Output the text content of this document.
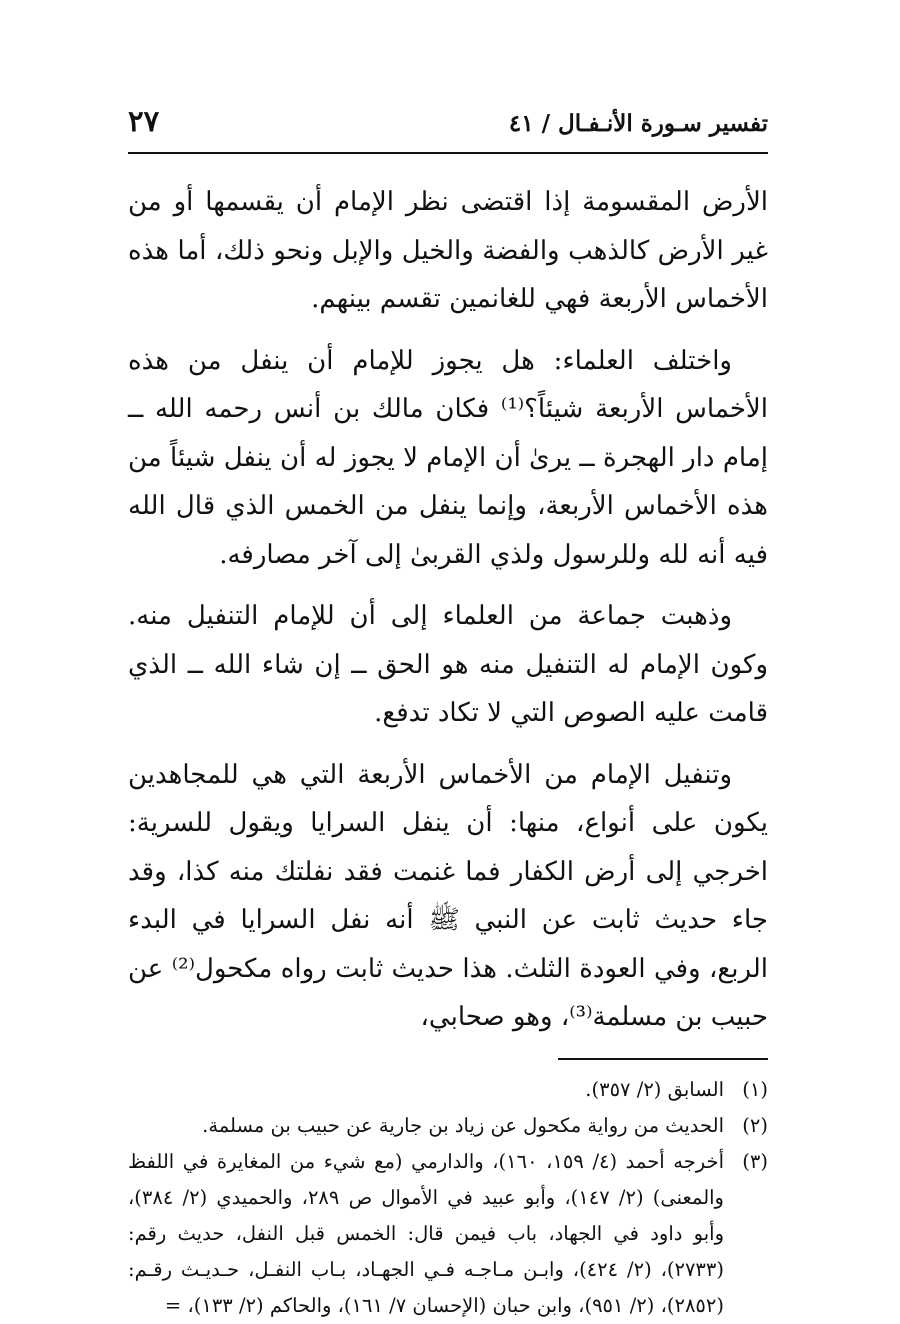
تفسير سـورة الأنـفـال / ٤١
٢٧

الأرض المقسومة إذا اقتضى نظر الإمام أن يقسمها أو من غير الأرض كالذهب والفضة والخيل والإبل ونحو ذلك، أما هذه الأخماس الأربعة فهي للغانمين تقسم بينهم.

واختلف العلماء: هل يجوز للإمام أن ينفل من هذه الأخماس الأربعة شيئاً؟⁽¹⁾ فكان مالك بن أنس رحمه الله ــ إمام دار الهجرة ــ يرىٰ أن الإمام لا يجوز له أن ينفل شيئاً من هذه الأخماس الأربعة، وإنما ينفل من الخمس الذي قال الله فيه أنه لله وللرسول ولذي القربىٰ إلى آخر مصارفه.

وذهبت جماعة من العلماء إلى أن للإمام التنفيل منه. وكون الإمام له التنفيل منه هو الحق ــ إن شاء الله ــ الذي قامت عليه الصوص التي لا تكاد تدفع.

وتنفيل الإمام من الأخماس الأربعة التي هي للمجاهدين يكون على أنواع، منها: أن ينفل السرايا ويقول للسرية: اخرجي إلى أرض الكفار فما غنمت فقد نفلتك منه كذا، وقد جاء حديث ثابت عن النبي ﷺ أنه نفل السرايا في البدء الربع، وفي العودة الثلث. هذا حديث ثابت رواه مكحول⁽²⁾ عن حبيب بن مسلمة⁽³⁾، وهو صحابي،

(١)
السابق (٢/ ٣٥٧).
(٢)
الحديث من رواية مكحول عن زياد بن جارية عن حبيب بن مسلمة.
(٣)
أخرجه أحمد (٤/ ١٥٩، ١٦٠)، والدارمي (مع شيء من المغايرة في اللفظ والمعنى) (٢/ ١٤٧)، وأبو عبيد في الأموال ص ٢٨٩، والحميدي (٢/ ٣٨٤)، وأبو داود في الجهاد، باب فيمن قال: الخمس قبل النفل، حديث رقم: (٢٧٣٣)، (٢/ ٤٢٤)، وابـن مـاجـه فـي الجهـاد، بـاب النفـل، حـديـث رقـم: (٢٨٥٢)، (٢/ ٩٥١)، وابن حبان (الإحسان ٧/ ١٦١)، والحاكم (٢/ ١٣٣)، =
